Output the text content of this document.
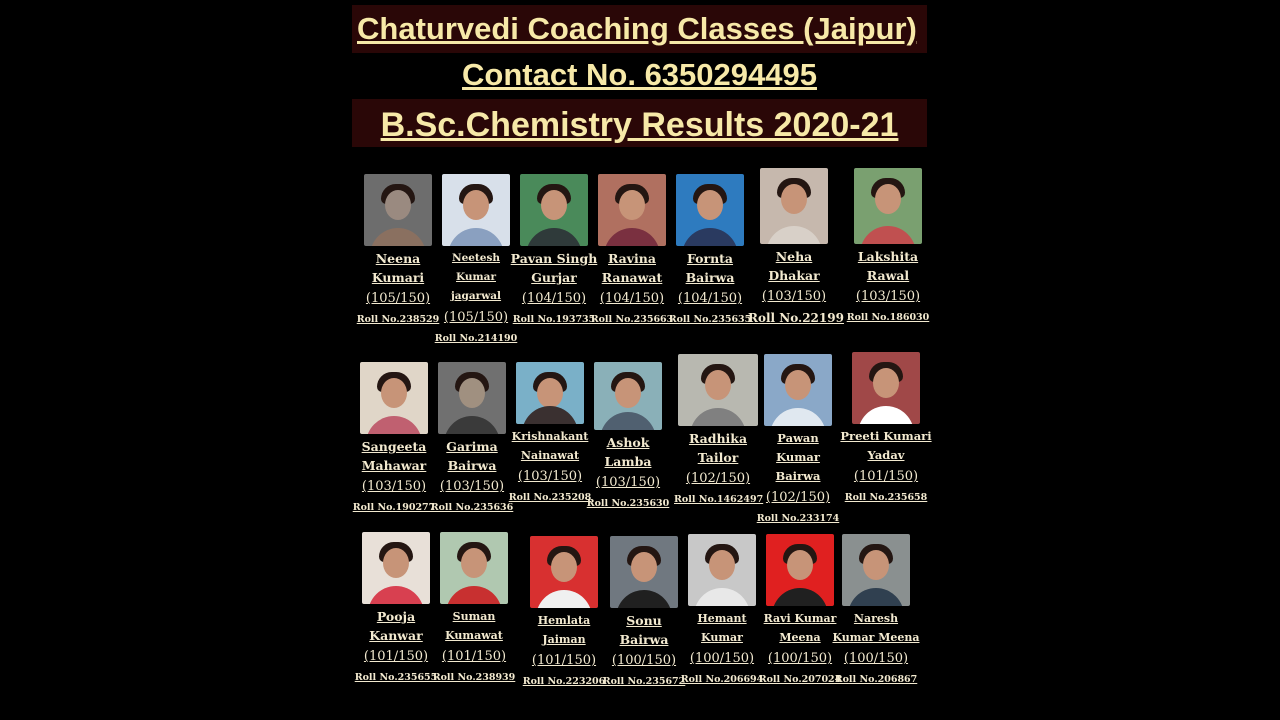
Chaturvedi Coaching Classes (Jaipur)
Contact No. 6350294495
B.Sc.Chemistry Results 2020-21
Neena Kumari
(105/150)
Roll No.238529
Neetesh Kumar jagarwal
(105/150)
Roll No.214190
Pavan Singh Gurjar
(104/150)
Roll No.193735
Ravina Ranawat
(104/150)
Roll No.235663
Fornta Bairwa
(104/150)
Roll No.235635
Neha Dhakar
(103/150)
Roll No.22199
Lakshita Rawal
(103/150)
Roll No.186030
Sangeeta Mahawar
(103/150)
Roll No.190277
Garima Bairwa
(103/150)
Roll No.235636
Krishnakant Nainawat
(103/150)
Roll No.235208
Ashok Lamba
(103/150)
Roll No.235630
Radhika Tailor
(102/150)
Roll No.1462497
Pawan Kumar Bairwa
(102/150)
Roll No.233174
Preeti Kumari Yadav
(101/150)
Roll No.235658
Pooja Kanwar
(101/150)
Roll No.235655
Suman Kumawat
(101/150)
Roll No.238939
Hemlata Jaiman
(101/150)
Roll No.223206
Sonu Bairwa
(100/150)
Roll No.235672
Hemant Kumar
(100/150)
Roll No.206694
Ravi Kumar Meena
(100/150)
Roll No.207024
Naresh Kumar Meena
(100/150)
Roll No.206867
